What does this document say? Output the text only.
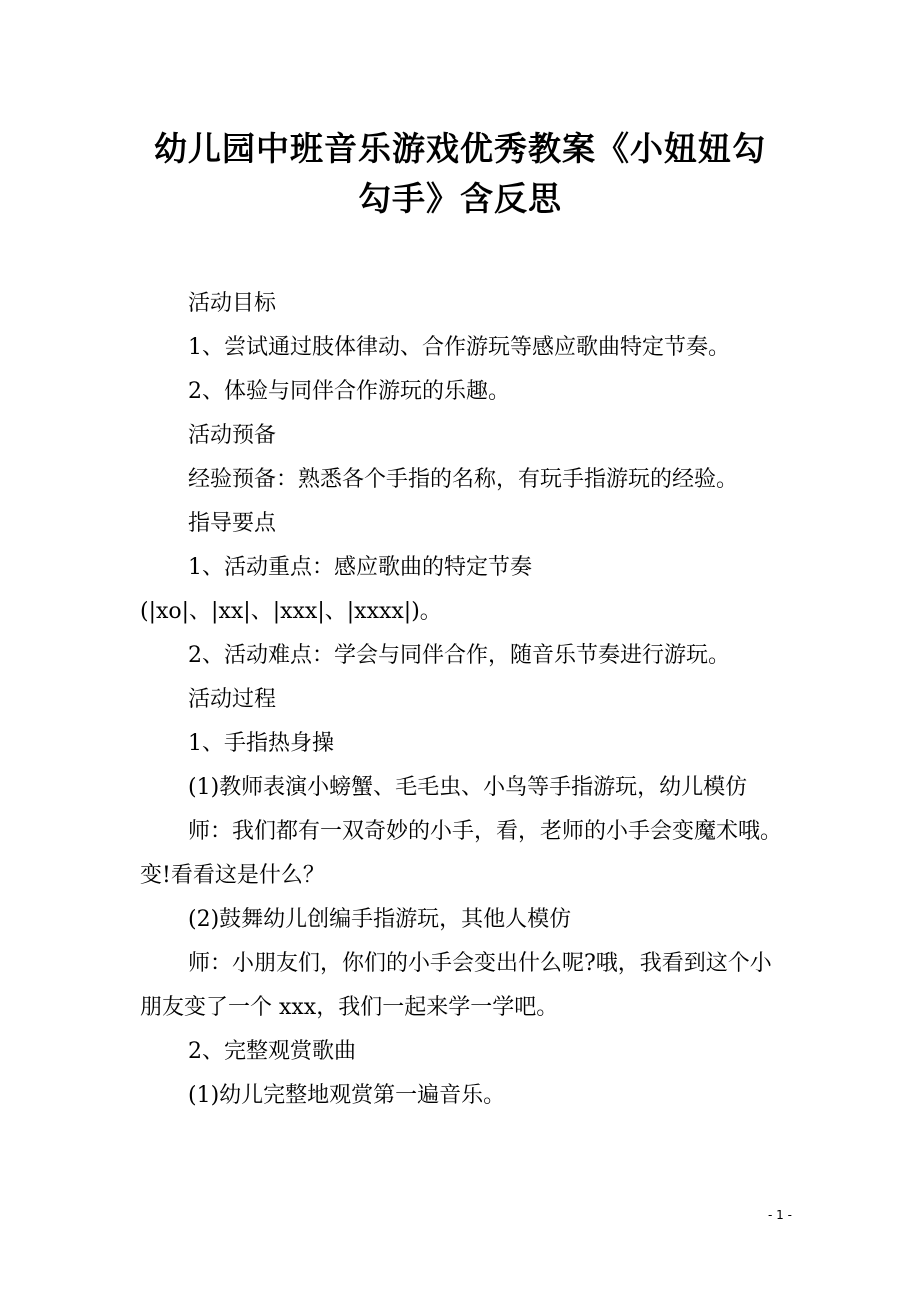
幼儿园中班音乐游戏优秀教案《小妞妞勾
勾手》含反思

活动目标

1、尝试通过肢体律动、合作游玩等感应歌曲特定节奏。

2、体验与同伴合作游玩的乐趣。

活动预备

经验预备：熟悉各个手指的名称，有玩手指游玩的经验。

指导要点

1、活动重点：感应歌曲的特定节奏

(|xo|、|xx|、|xxx|、|xxxx|)。

2、活动难点：学会与同伴合作，随音乐节奏进行游玩。

活动过程

1、手指热身操

(1)教师表演小螃蟹、毛毛虫、小鸟等手指游玩，幼儿模仿

师：我们都有一双奇妙的小手，看，老师的小手会变魔术哦。变!看看这是什么？

(2)鼓舞幼儿创编手指游玩，其他人模仿

师：小朋友们，你们的小手会变出什么呢?哦，我看到这个小朋友变了一个 xxx，我们一起来学一学吧。

2、完整观赏歌曲

(1)幼儿完整地观赏第一遍音乐。

- 1 -
